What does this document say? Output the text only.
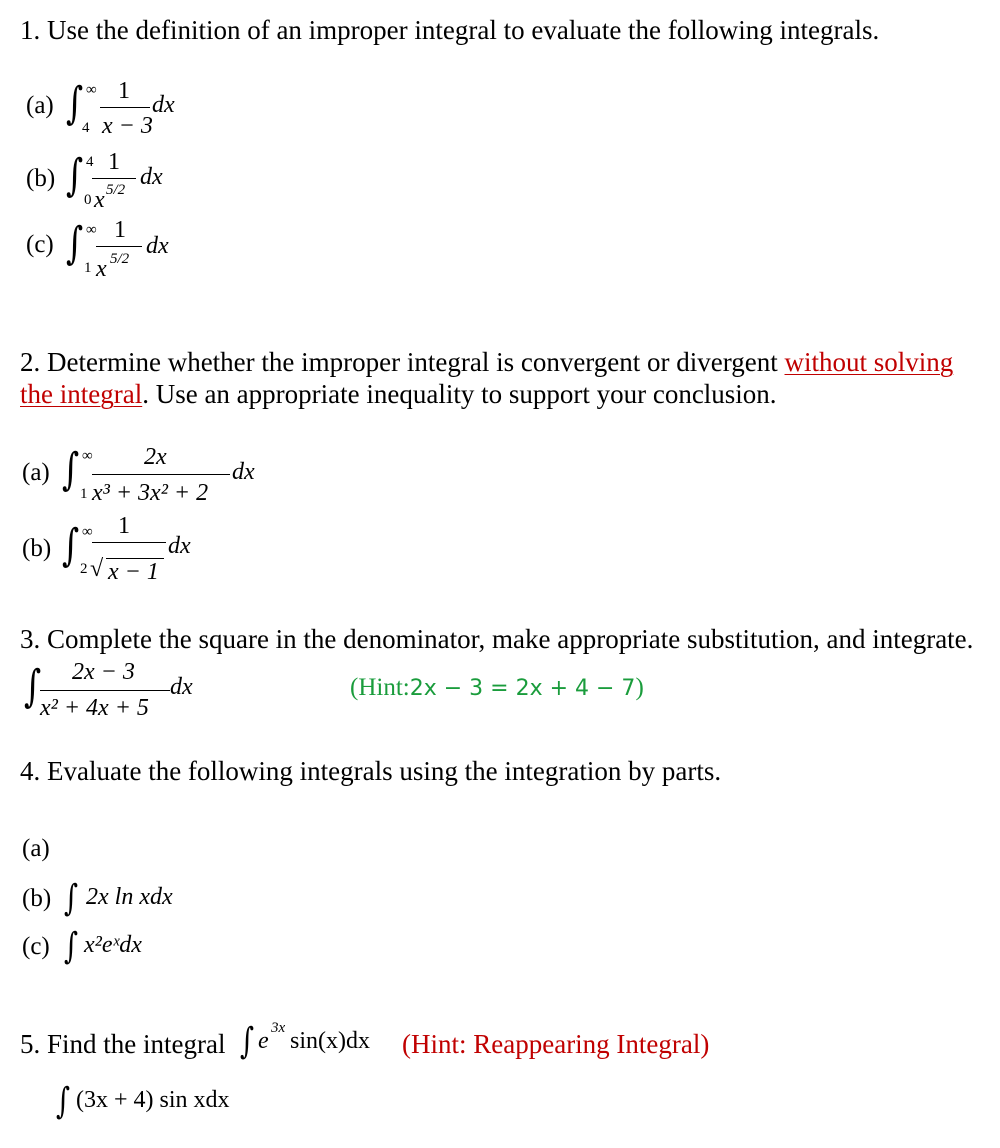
1. Use the definition of an improper integral to evaluate the following integrals.
(a) ∫ ∞
4
1
x − 3
dx
(b) ∫ 4
0
1
x 5/2 dx
(c) ∫ ∞
1
1
x 5/2 dx
2. Determine whether the improper integral is convergent or divergent without solving
the integral. Use an appropriate inequality to support your conclusion.
(a) ∫ ∞
1
2x
x³ + 3x² + 2
dx
(b) ∫ ∞
2
1
√ x − 1
dx
3. Complete the square in the denominator, make appropriate substitution, and integrate.
∫ 2x − 3
x² + 4x + 5
dx	(Hint:2x − 3 = 2x + 4 − 7)
4. Evaluate the following integrals using the integration by parts.
(a)
(b) ∫ 2x ln xdx
(c) ∫ x²eˣdx
5. Find the integral ∫ e 3x sin(x)dx (Hint: Reappearing Integral)
∫ (3x + 4) sin xdx
